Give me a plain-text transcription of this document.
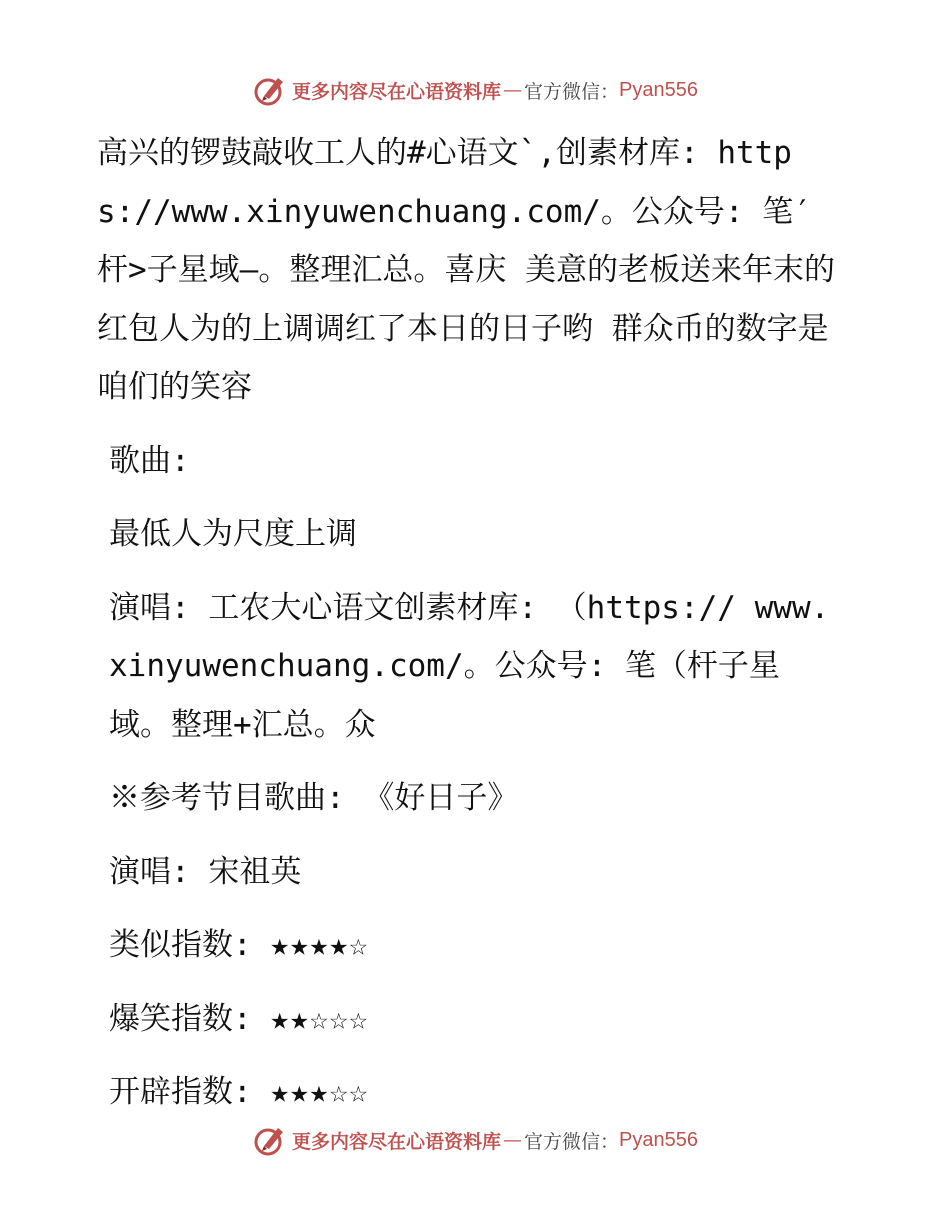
更多内容尽在心语资料库 — 官方微信： Pyan556

高兴的锣鼓敲收工人的#心语文`,创素材库: https://www.xinyuwenchuang.com/。公众号: 笔′杆>子星域—。整理汇总。喜庆 美意的老板送来年末的红包人为的上调调红了本日的日子哟 群众币的数字是咱们的笑容

歌曲:

最低人为尺度上调

演唱: 工农大心语文创素材库: （https:// www.xinyuwenchuang.com/。公众号: 笔（杆子星域。整理+汇总。众

※参考节目歌曲: 《好日子》

演唱: 宋祖英

类似指数: ★★★★☆

爆笑指数: ★★☆☆☆

开辟指数: ★★★☆☆

更多内容尽在心语资料库 — 官方微信： Pyan556
